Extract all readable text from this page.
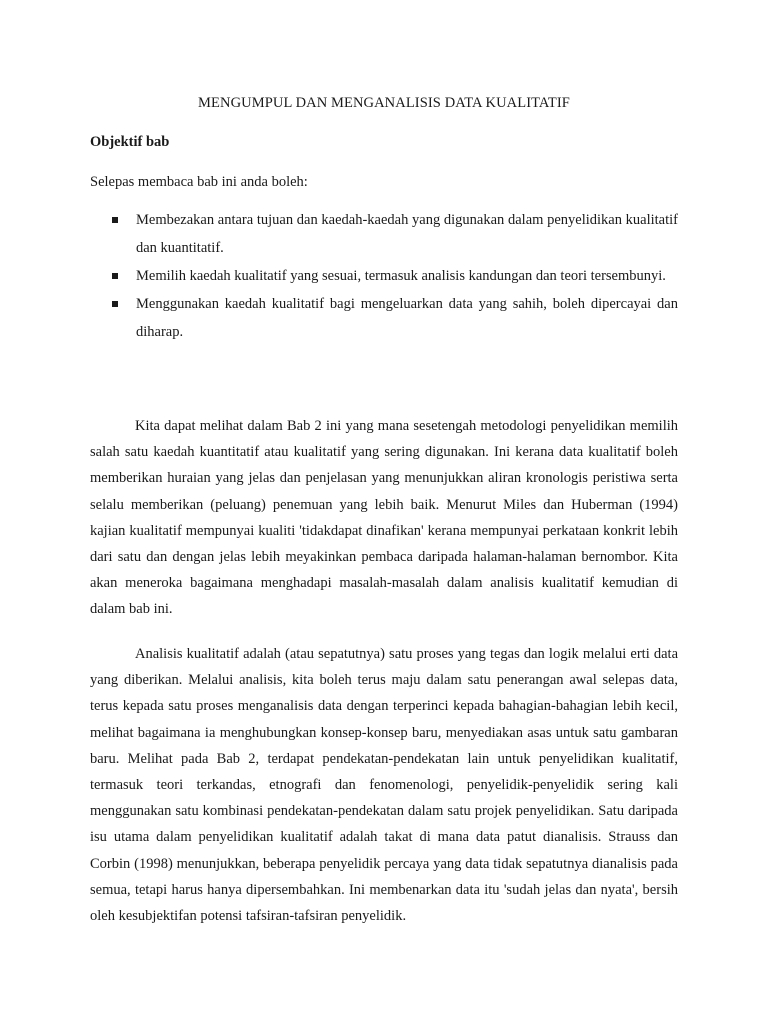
MENGUMPUL DAN MENGANALISIS DATA KUALITATIF
Objektif bab
Selepas membaca bab ini anda boleh:
Membezakan antara tujuan dan kaedah-kaedah yang digunakan dalam penyelidikan kualitatif dan kuantitatif.
Memilih kaedah kualitatif yang sesuai, termasuk analisis kandungan dan teori tersembunyi.
Menggunakan kaedah kualitatif bagi mengeluarkan data yang sahih, boleh dipercayai dan diharap.

Kita dapat melihat dalam Bab 2 ini yang mana sesetengah metodologi penyelidikan memilih salah satu kaedah kuantitatif atau kualitatif yang sering digunakan. Ini kerana data kualitatif boleh memberikan huraian yang jelas dan penjelasan yang menunjukkan aliran kronologis peristiwa serta selalu memberikan (peluang) penemuan yang lebih baik. Menurut Miles dan Huberman (1994) kajian kualitatif mempunyai kualiti 'tidakdapat dinafikan' kerana mempunyai perkataan konkrit lebih dari satu dan dengan jelas lebih meyakinkan pembaca daripada halaman-halaman bernombor. Kita akan meneroka bagaimana menghadapi masalah-masalah dalam analisis kualitatif kemudian di dalam bab ini.

Analisis kualitatif adalah (atau sepatutnya) satu proses yang tegas dan logik melalui erti data yang diberikan. Melalui analisis, kita boleh terus maju dalam satu penerangan awal selepas data, terus kepada satu proses menganalisis data dengan terperinci kepada bahagian-bahagian lebih kecil, melihat bagaimana ia menghubungkan konsep-konsep baru, menyediakan asas untuk satu gambaran baru. Melihat pada Bab 2, terdapat pendekatan-pendekatan lain untuk penyelidikan kualitatif, termasuk teori terkandas, etnografi dan fenomenologi, penyelidik-penyelidik sering kali menggunakan satu kombinasi pendekatan-pendekatan dalam satu projek penyelidikan. Satu daripada isu utama dalam penyelidikan kualitatif adalah takat di mana data patut dianalisis. Strauss dan Corbin (1998) menunjukkan, beberapa penyelidik percaya yang data tidak sepatutnya dianalisis pada semua, tetapi harus hanya dipersembahkan. Ini membenarkan data itu 'sudah jelas dan nyata', bersih oleh kesubjektifan potensi tafsiran-tafsiran penyelidik.
